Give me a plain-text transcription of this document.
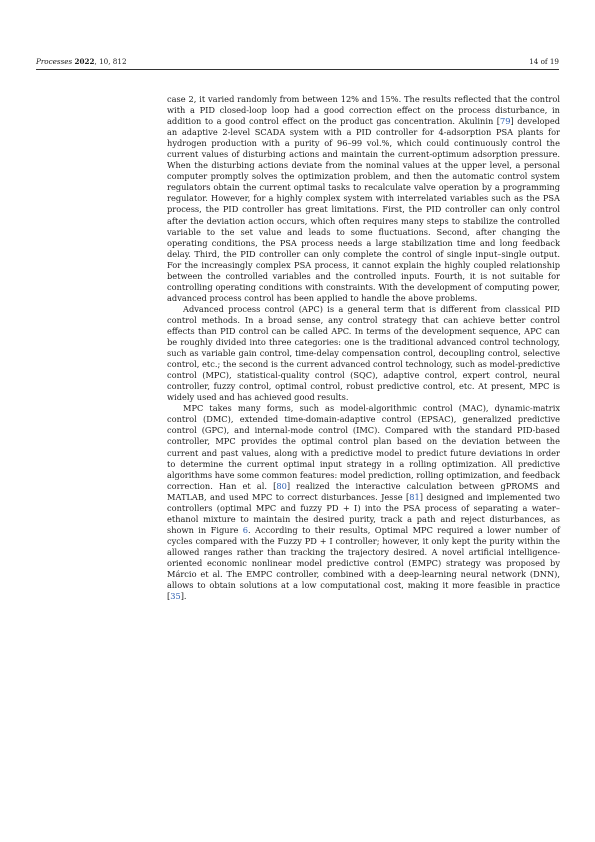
Processes 2022, 10, 812	14 of 19

case 2, it varied randomly from between 12% and 15%. The results reflected that the control with a PID closed-loop loop had a good correction effect on the process disturbance, in addition to a good control effect on the product gas concentration. Akulinin [79] developed an adaptive 2-level SCADA system with a PID controller for 4-adsorption PSA plants for hydrogen production with a purity of 96–99 vol.%, which could continuously control the current values of disturbing actions and maintain the current-optimum adsorption pressure. When the disturbing actions deviate from the nominal values at the upper level, a personal computer promptly solves the optimization problem, and then the automatic control system regulators obtain the current optimal tasks to recalculate valve operation by a programming regulator. However, for a highly complex system with interrelated variables such as the PSA process, the PID controller has great limitations. First, the PID controller can only control after the deviation action occurs, which often requires many steps to stabilize the controlled variable to the set value and leads to some fluctuations. Second, after changing the operating conditions, the PSA process needs a large stabilization time and long feedback delay. Third, the PID controller can only complete the control of single input–single output. For the increasingly complex PSA process, it cannot explain the highly coupled relationship between the controlled variables and the controlled inputs. Fourth, it is not suitable for controlling operating conditions with constraints. With the development of computing power, advanced process control has been applied to handle the above problems.

Advanced process control (APC) is a general term that is different from classical PID control methods. In a broad sense, any control strategy that can achieve better control effects than PID control can be called APC. In terms of the development sequence, APC can be roughly divided into three categories: one is the traditional advanced control technology, such as variable gain control, time-delay compensation control, decoupling control, selective control, etc.; the second is the current advanced control technology, such as model-predictive control (MPC), statistical-quality control (SQC), adaptive control, expert control, neural controller, fuzzy control, optimal control, robust predictive control, etc. At present, MPC is widely used and has achieved good results.

MPC takes many forms, such as model-algorithmic control (MAC), dynamic-matrix control (DMC), extended time-domain-adaptive control (EPSAC), generalized predictive control (GPC), and internal-mode control (IMC). Compared with the standard PID-based controller, MPC provides the optimal control plan based on the deviation between the current and past values, along with a predictive model to predict future deviations in order to determine the current optimal input strategy in a rolling optimization. All predictive algorithms have some common features: model prediction, rolling optimization, and feedback correction. Han et al. [80] realized the interactive calculation between gPROMS and MATLAB, and used MPC to correct disturbances. Jesse [81] designed and implemented two controllers (optimal MPC and fuzzy PD + I) into the PSA process of separating a water–ethanol mixture to maintain the desired purity, track a path and reject disturbances, as shown in Figure 6. According to their results, Optimal MPC required a lower number of cycles compared with the Fuzzy PD + I controller; however, it only kept the purity within the allowed ranges rather than tracking the trajectory desired. A novel artificial intelligence-oriented economic nonlinear model predictive control (EMPC) strategy was proposed by Márcio et al. The EMPC controller, combined with a deep-learning neural network (DNN), allows to obtain solutions at a low computational cost, making it more feasible in practice [35].
